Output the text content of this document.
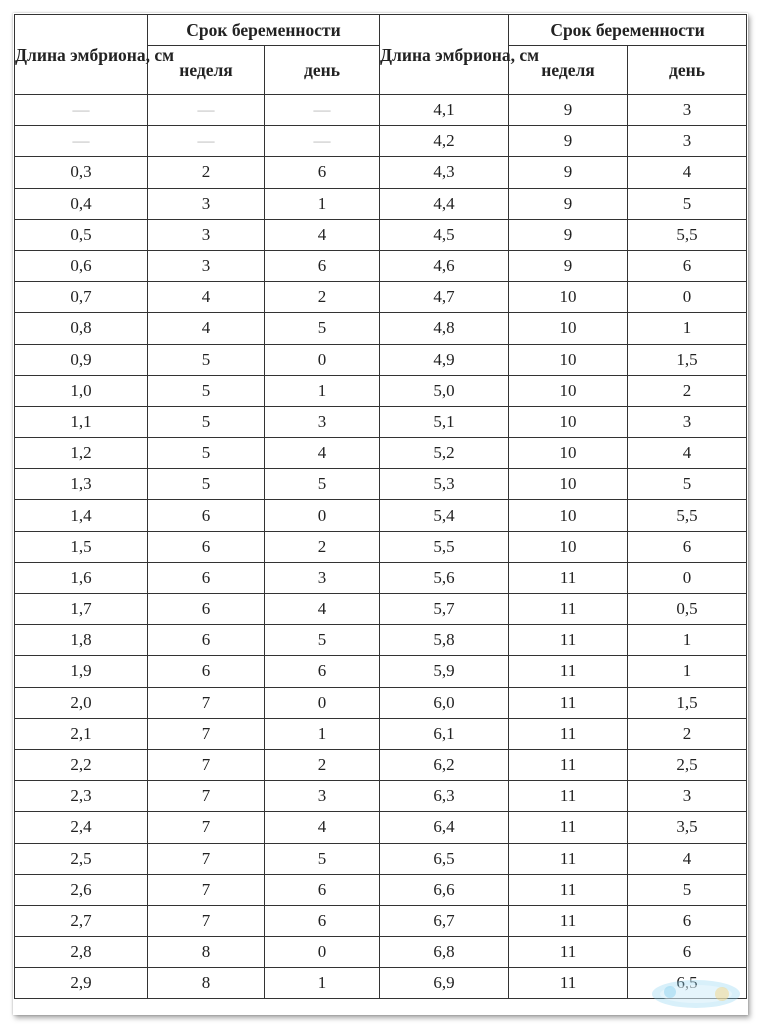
Длина эмбриона, см	Срок беременности		Длина эмбриона, см	Срок беременности	
	неделя	день		неделя	день
—	—	—	4,1	9	3
—	—	—	4,2	9	3
0,3	2	6	4,3	9	4
0,4	3	1	4,4	9	5
0,5	3	4	4,5	9	5,5
0,6	3	6	4,6	9	6
0,7	4	2	4,7	10	0
0,8	4	5	4,8	10	1
0,9	5	0	4,9	10	1,5
1,0	5	1	5,0	10	2
1,1	5	3	5,1	10	3
1,2	5	4	5,2	10	4
1,3	5	5	5,3	10	5
1,4	6	0	5,4	10	5,5
1,5	6	2	5,5	10	6
1,6	6	3	5,6	11	0
1,7	6	4	5,7	11	0,5
1,8	6	5	5,8	11	1
1,9	6	6	5,9	11	1
2,0	7	0	6,0	11	1,5
2,1	7	1	6,1	11	2
2,2	7	2	6,2	11	2,5
2,3	7	3	6,3	11	3
2,4	7	4	6,4	11	3,5
2,5	7	5	6,5	11	4
2,6	7	6	6,6	11	5
2,7	7	6	6,7	11	6
2,8	8	0	6,8	11	6
2,9	8	1	6,9	11	6,5
